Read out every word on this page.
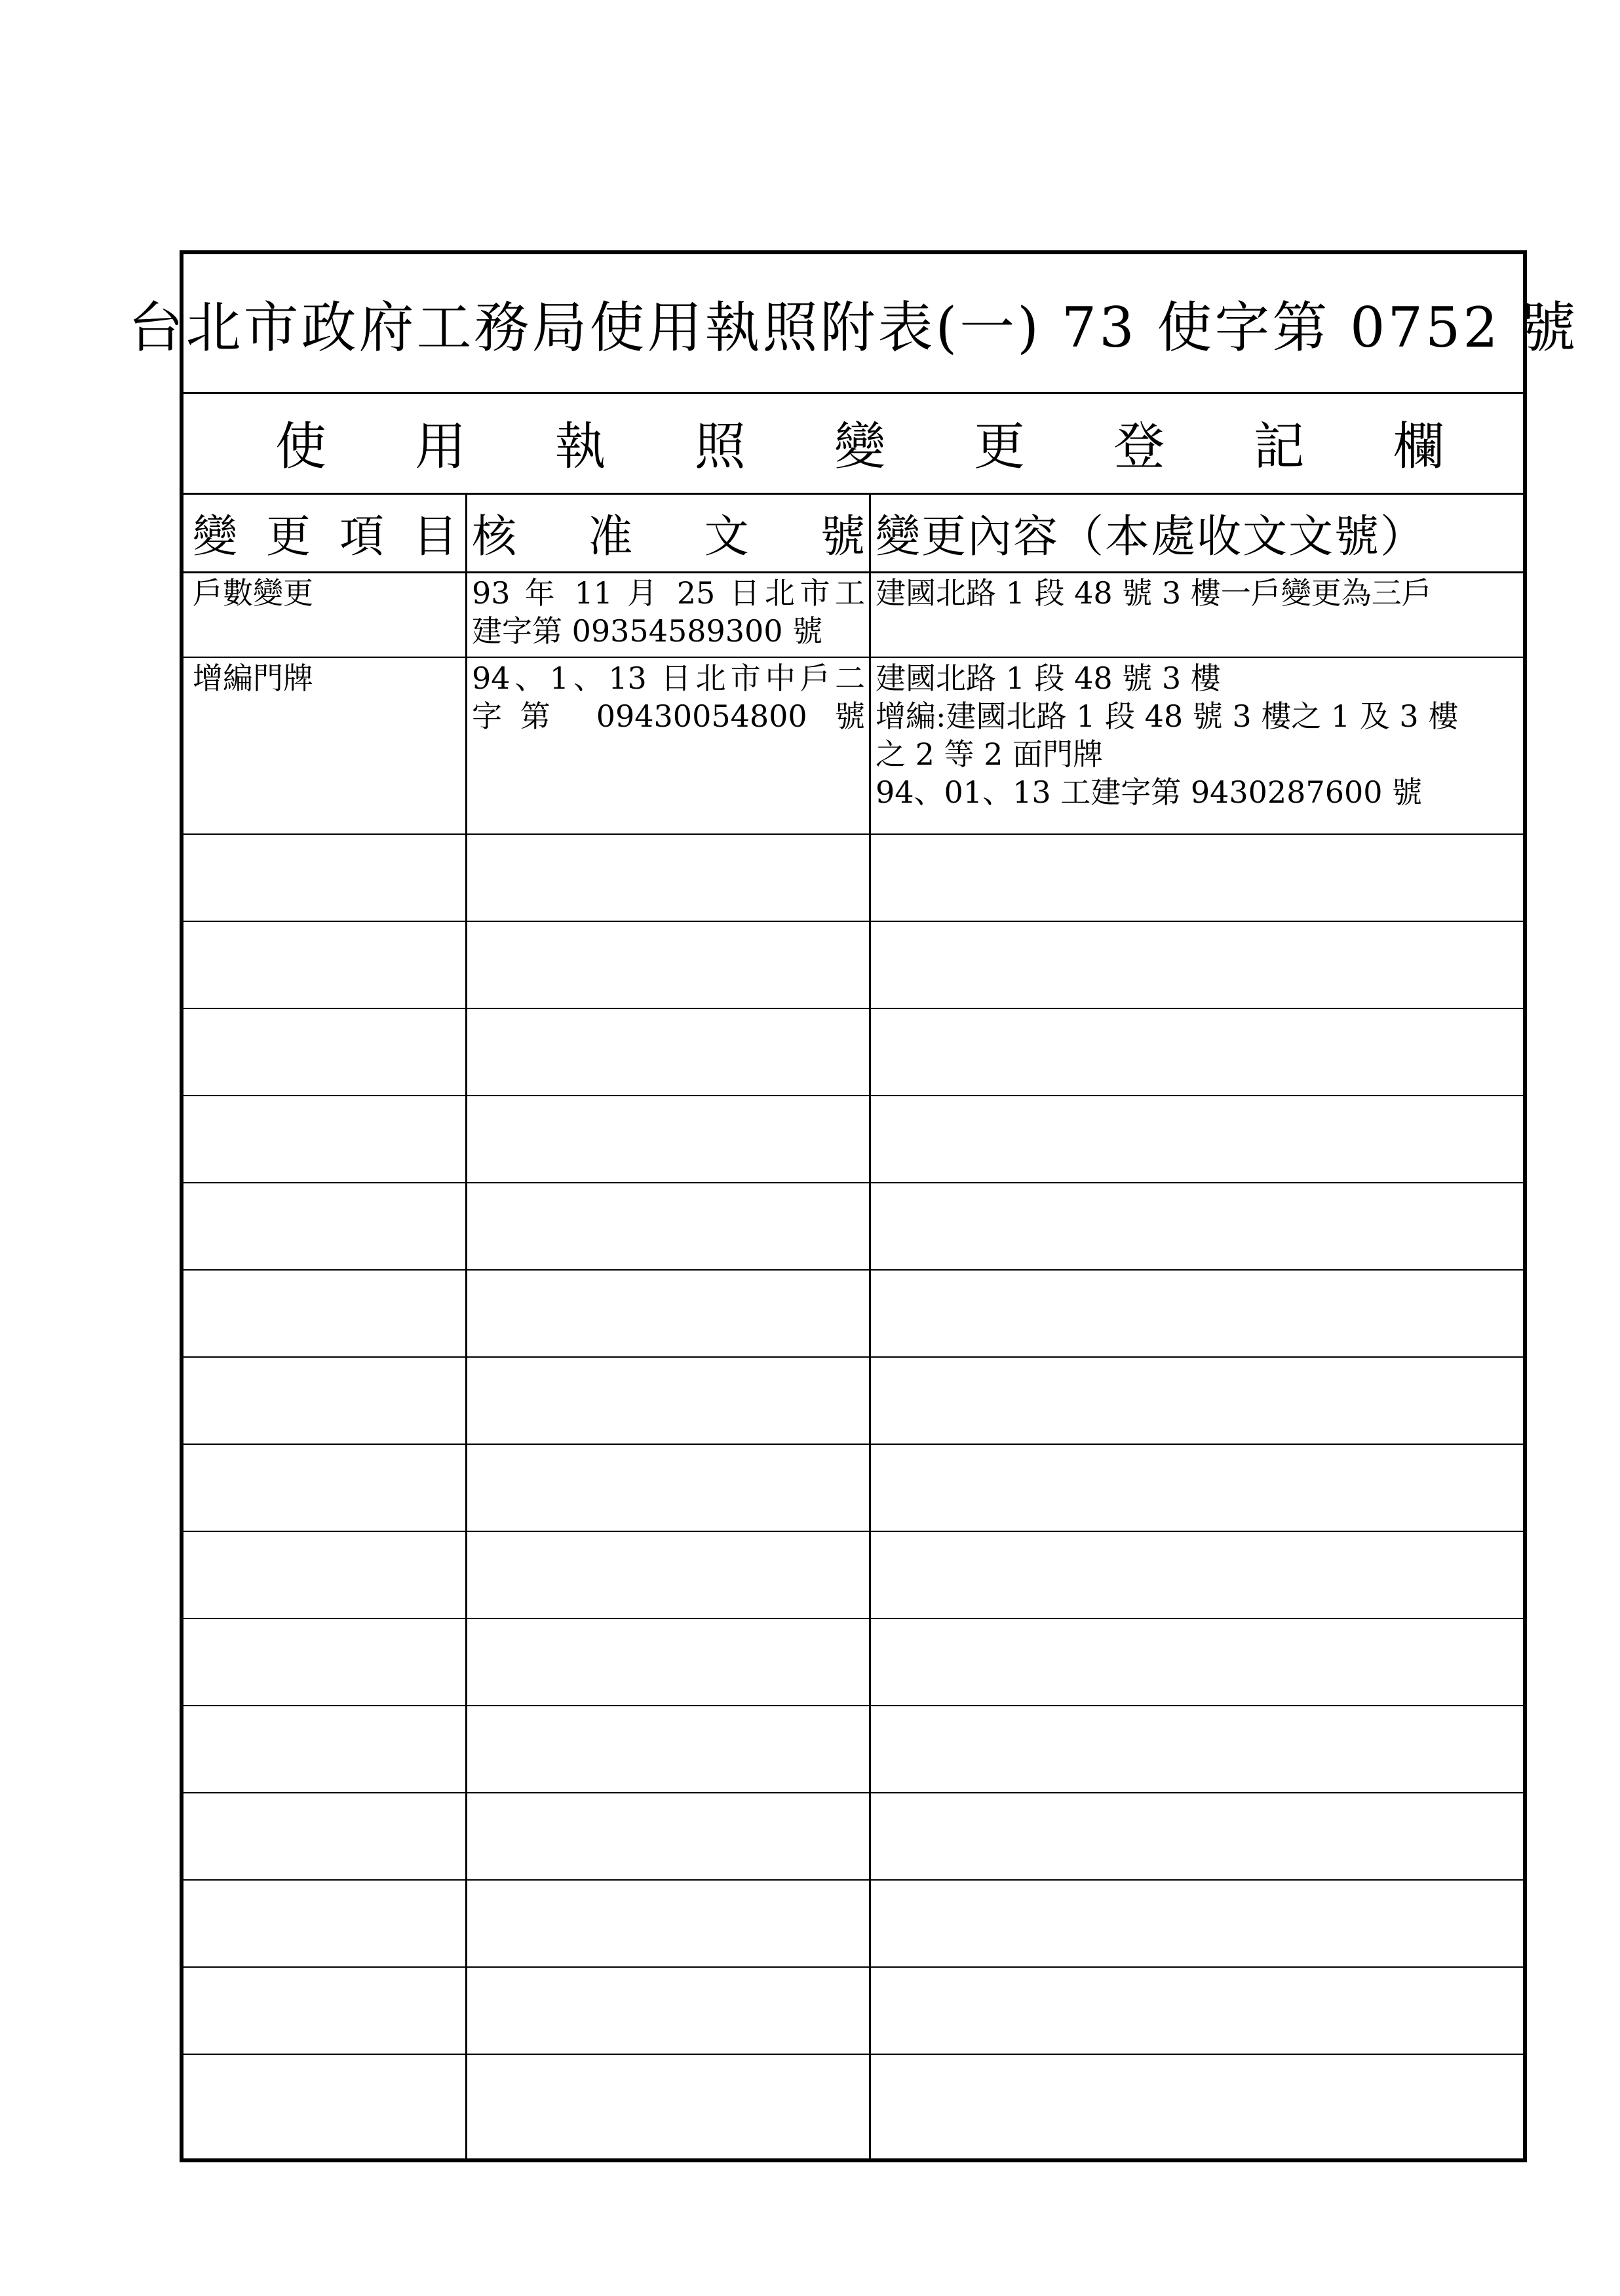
台北市政府工務局使用執照附表(一) 73 使字第 0752 號
使 用 執 照 變 更 登 記 欄
變 更 項 目 核 准 文 號 變更內容（本處收文文號）
戶數變更	93 年 11 月 25 日北市工
建字第 09354589300 號
建國北路 1 段 48 號 3 樓一戶變更為三戶
增編門牌	94、1、13 日北市中戶二
字第 09430054800 號
建國北路 1 段 48 號 3 樓
增編:建國北路 1 段 48 號 3 樓之 1 及 3 樓
之 2 等 2 面門牌
94、01、13 工建字第 9430287600 號
